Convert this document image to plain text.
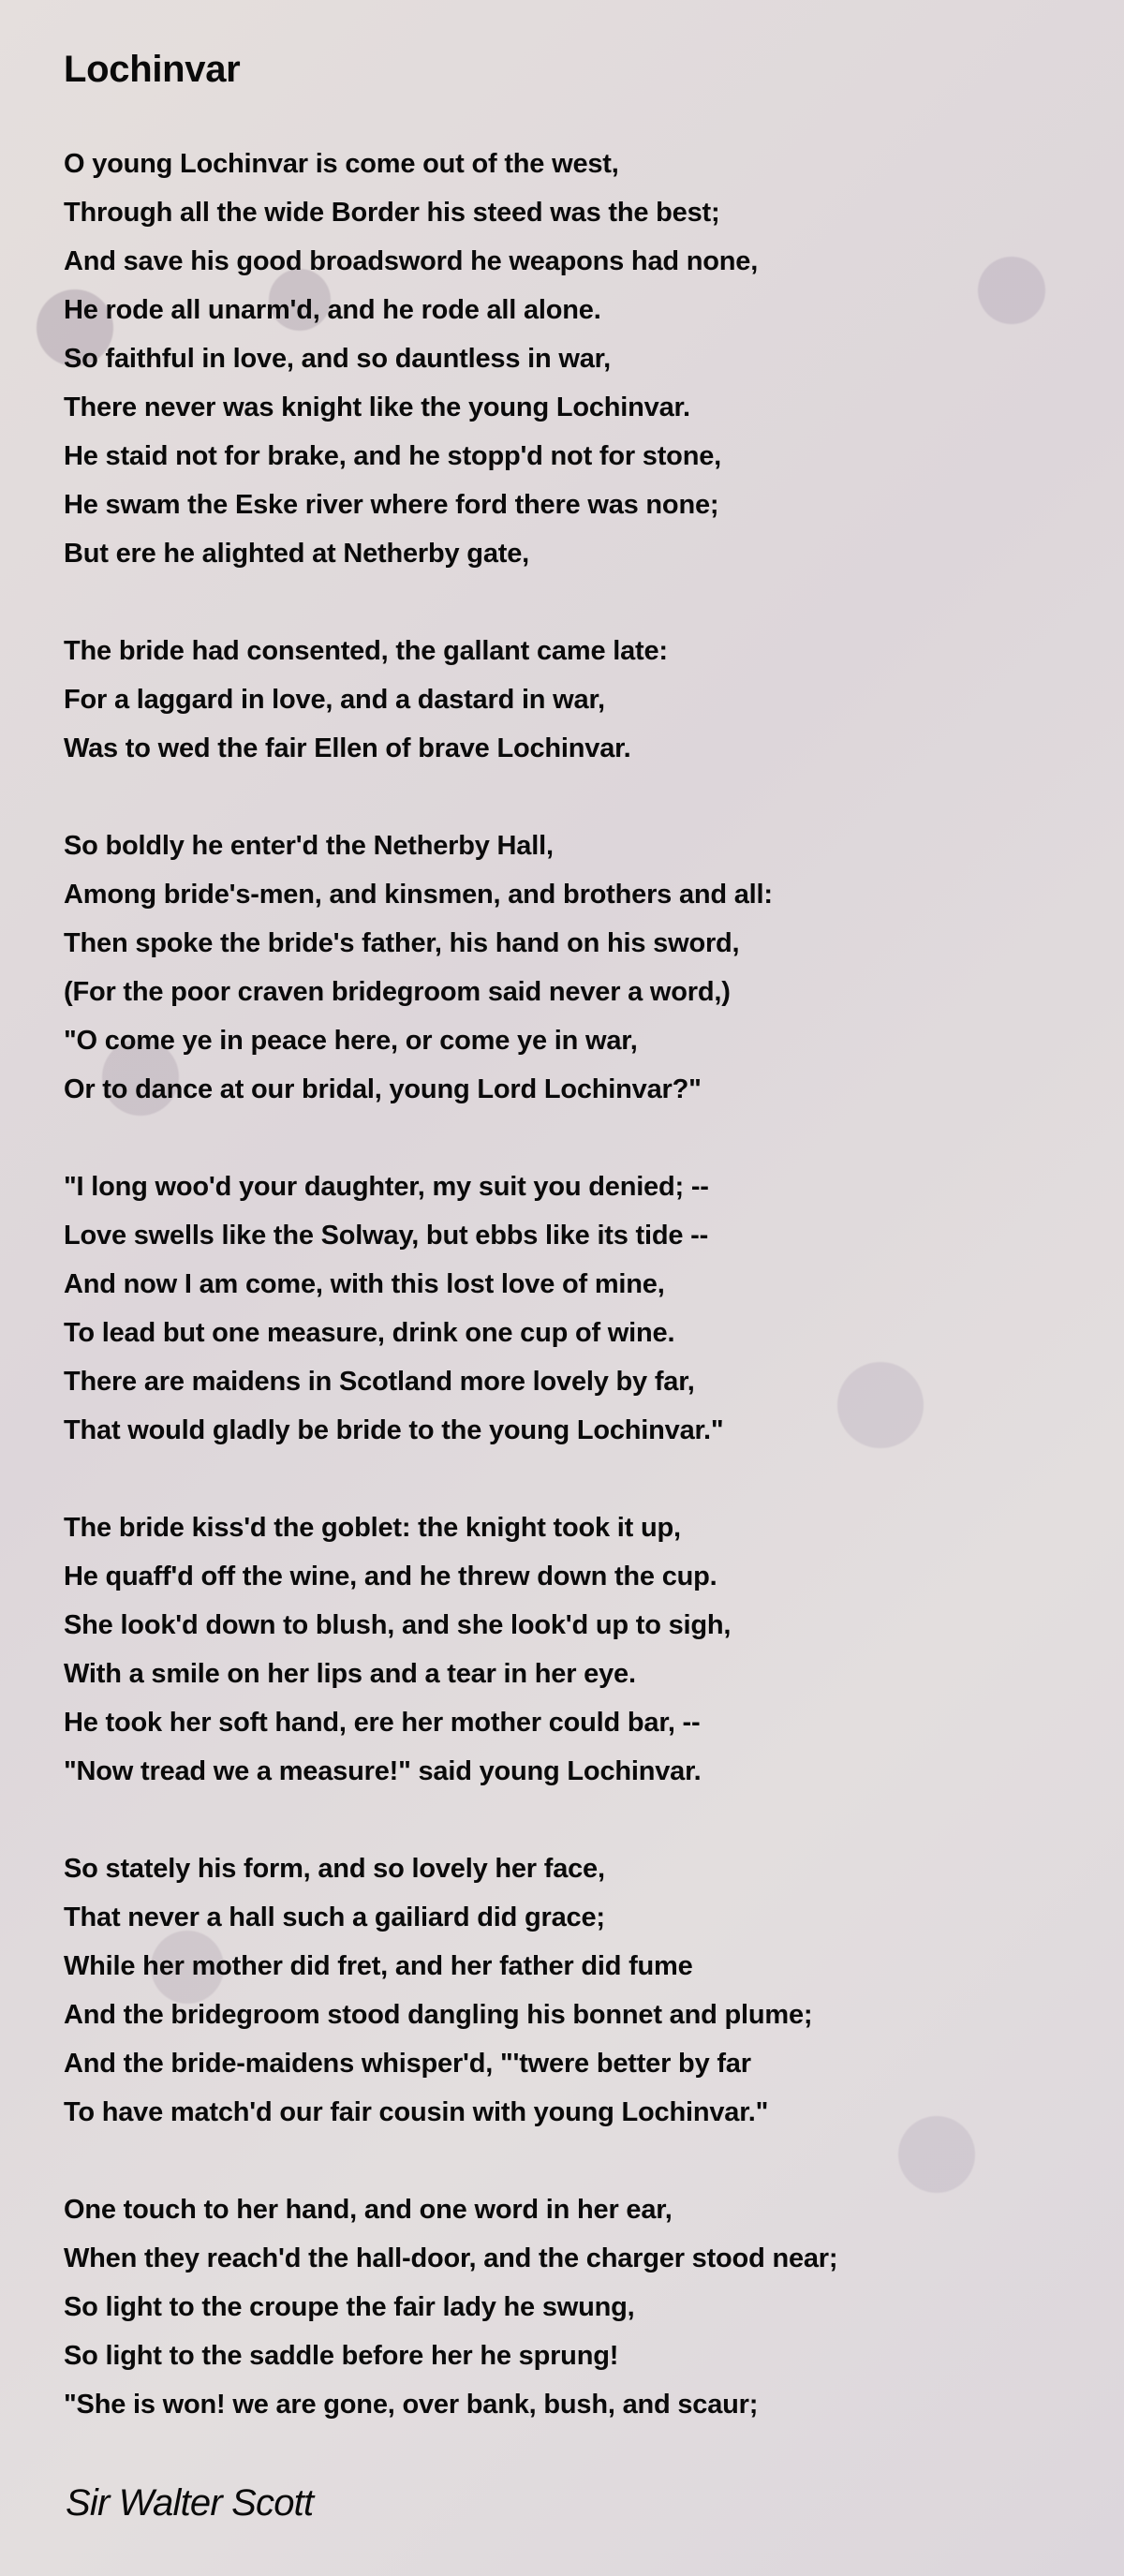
Lochinvar
O young Lochinvar is come out of the west,
Through all the wide Border his steed was the best;
And save his good broadsword he weapons had none,
He rode all unarm'd, and he rode all alone.
So faithful in love, and so dauntless in war,
There never was knight like the young Lochinvar.
He staid not for brake, and he stopp'd not for stone,
He swam the Eske river where ford there was none;
But ere he alighted at Netherby gate,
The bride had consented, the gallant came late:
For a laggard in love, and a dastard in war,
Was to wed the fair Ellen of brave Lochinvar.
So boldly he enter'd the Netherby Hall,
Among bride's-men, and kinsmen, and brothers and all:
Then spoke the bride's father, his hand on his sword,
(For the poor craven bridegroom said never a word,)
"O come ye in peace here, or come ye in war,
Or to dance at our bridal, young Lord Lochinvar?"
"I long woo'd your daughter, my suit you denied; --
Love swells like the Solway, but ebbs like its tide --
And now I am come, with this lost love of mine,
To lead but one measure, drink one cup of wine.
There are maidens in Scotland more lovely by far,
That would gladly be bride to the young Lochinvar."
The bride kiss'd the goblet: the knight took it up,
He quaff'd off the wine, and he threw down the cup.
She look'd down to blush, and she look'd up to sigh,
With a smile on her lips and a tear in her eye.
He took her soft hand, ere her mother could bar, --
"Now tread we a measure!" said young Lochinvar.
So stately his form, and so lovely her face,
That never a hall such a gailiard did grace;
While her mother did fret, and her father did fume
And the bridegroom stood dangling his bonnet and plume;
And the bride-maidens whisper'd, "'twere better by far
To have match'd our fair cousin with young Lochinvar."
One touch to her hand, and one word in her ear,
When they reach'd the hall-door, and the charger stood near;
So light to the croupe the fair lady he swung,
So light to the saddle before her he sprung!
"She is won! we are gone, over bank, bush, and scaur;
Sir Walter Scott
